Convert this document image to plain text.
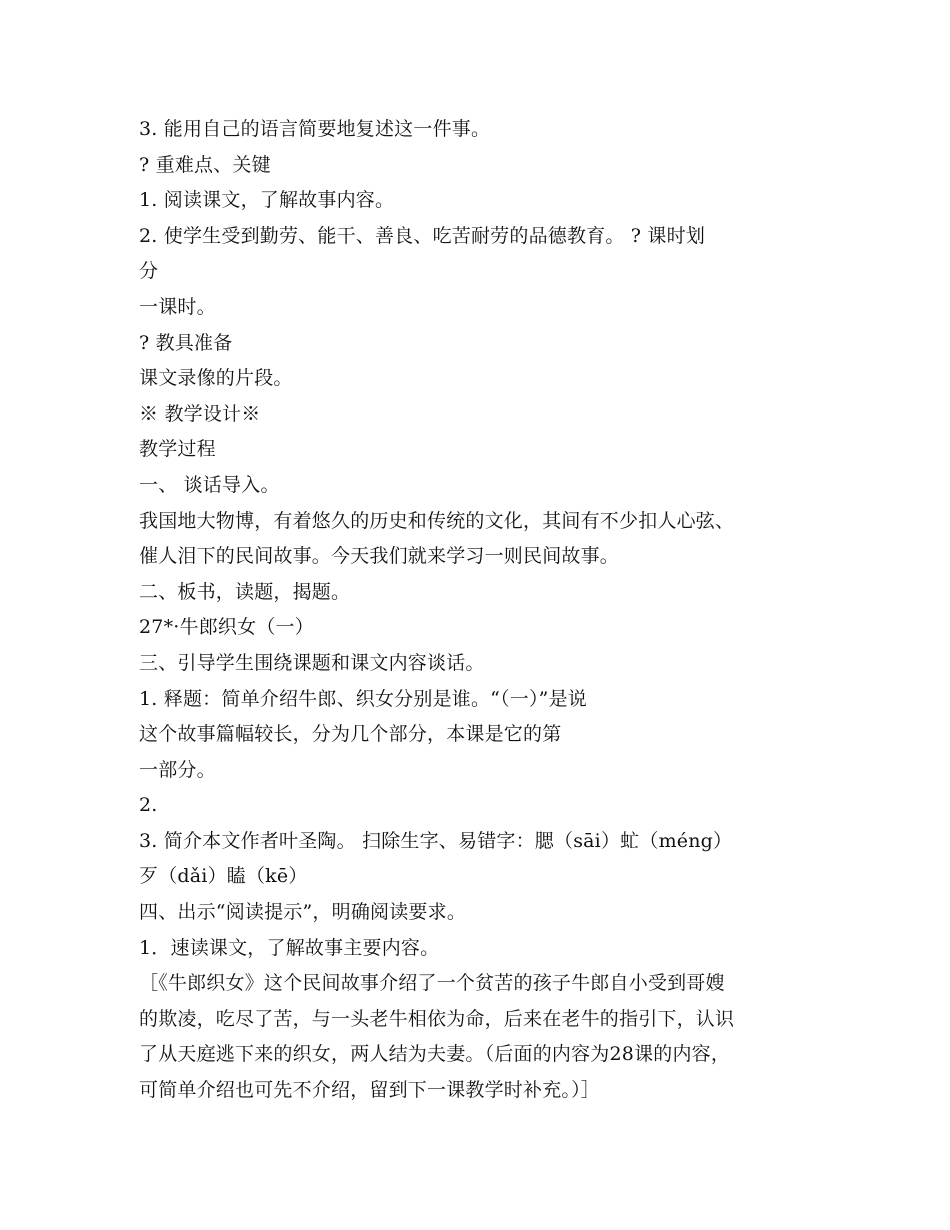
3. 能用自己的语言简要地复述这一件事。
? 重难点、关键
1. 阅读课文，了解故事内容。
2. 使学生受到勤劳、能干、善良、吃苦耐劳的品德教育。 ? 课时划
分
一课时。
? 教具准备
课文录像的片段。
※ 教学设计※
教学过程
一、 谈话导入。
我国地大物博，有着悠久的历史和传统的文化，其间有不少扣人心弦、
催人泪下的民间故事。今天我们就来学习一则民间故事。
二、板书，读题，揭题。
27*·牛郎织女（一）
三、引导学生围绕课题和课文内容谈话。
1. 释题：简单介绍牛郎、织女分别是谁。“（一）”是说
这个故事篇幅较长，分为几个部分，本课是它的第
一部分。
2.
3. 简介本文作者叶圣陶。 扫除生字、易错字：腮（sāi）虻（méng）
歹（dǎi）瞌（kē）
四、出示“阅读提示”，明确阅读要求。
1．速读课文，了解故事主要内容。
［《牛郎织女》这个民间故事介绍了一个贫苦的孩子牛郎自小受到哥嫂
的欺凌，吃尽了苦，与一头老牛相依为命，后来在老牛的指引下，认识
了从天庭逃下来的织女，两人结为夫妻。（后面的内容为28课的内容，
可简单介绍也可先不介绍，留到下一课教学时补充。）］
